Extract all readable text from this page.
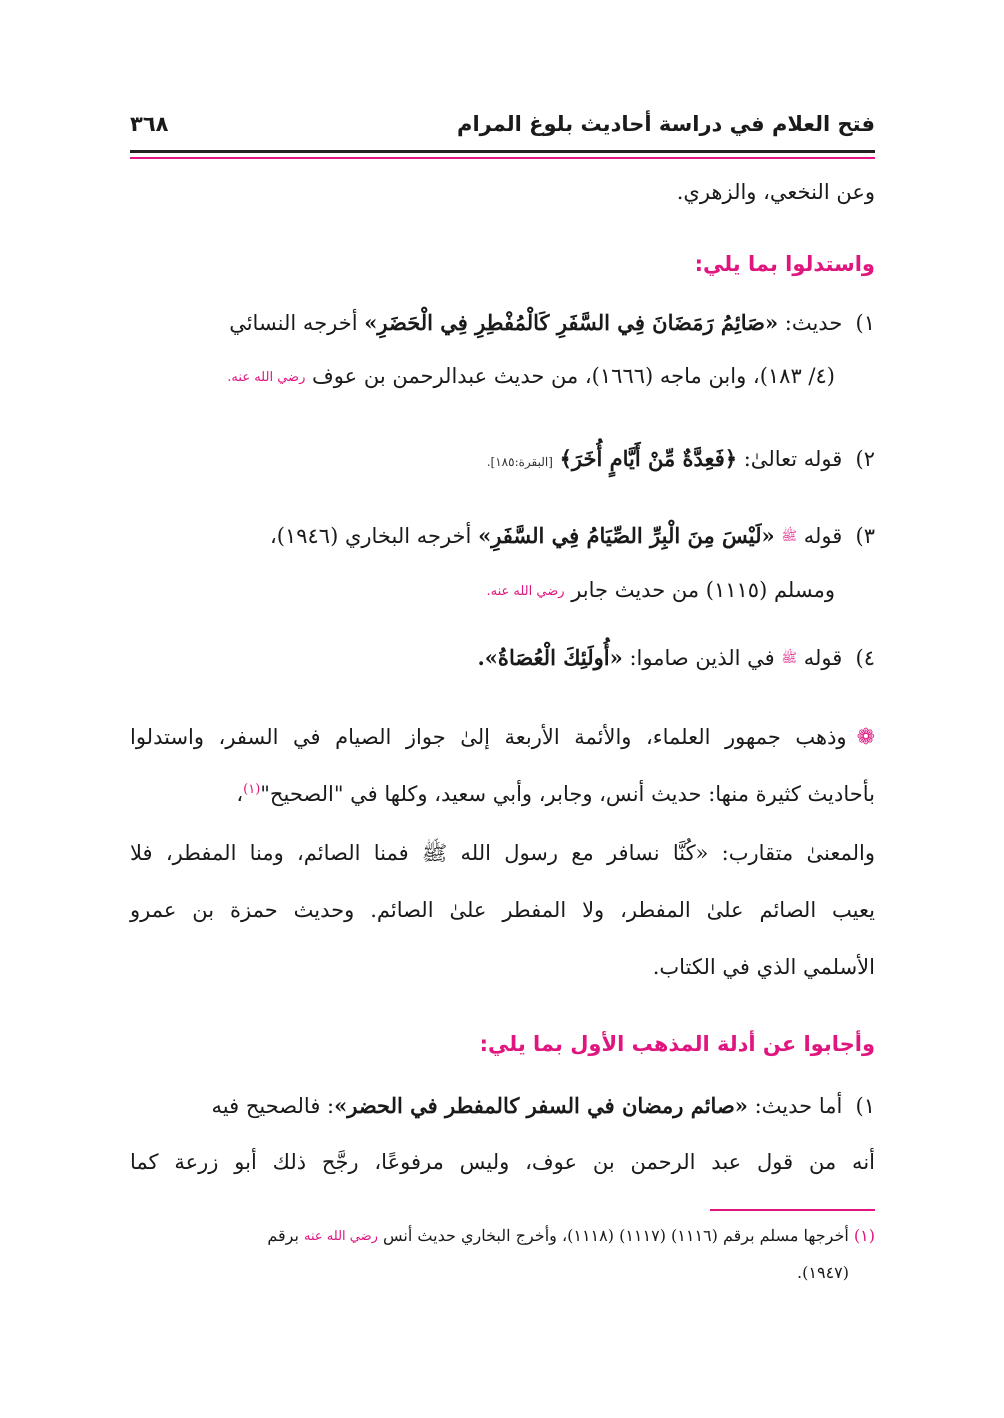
فتح العلام في دراسة أحاديث بلوغ المرام
٣٦٨
وعن النخعي، والزهري.
واستدلوا بما يلي:
١) حديث: «صَائِمُ رَمَضَانَ فِي السَّفَرِ كَالْمُفْطِرِ فِي الْحَضَرِ» أخرجه النسائي
(٤/ ١٨٣)، وابن ماجه (١٦٦٦)، من حديث عبدالرحمن بن عوف رضي الله عنه.
٢) قوله تعالىٰ: ﴿فَعِدَّةٌ مِّنْ أَيَّامٍ أُخَرَ﴾ [البقرة:١٨٥].
٣) قوله ﷺ «لَيْسَ مِنَ الْبِرِّ الصِّيَامُ فِي السَّفَرِ» أخرجه البخاري (١٩٤٦)،
ومسلم (١١١٥) من حديث جابر رضي الله عنه.
٤) قوله ﷺ في الذين صاموا: «أُولَئِكَ الْعُصَاةُ».
❁وذهب جمهور العلماء، والأئمة الأربعة إلىٰ جواز الصيام في السفر، واستدلوا
بأحاديث كثيرة منها: حديث أنس، وجابر، وأبي سعيد، وكلها في "الصحيح"$^{(١)}$،
والمعنىٰ متقارب: «كُنَّا نسافر مع رسول الله ﷺ فمنا الصائم، ومنا المفطر، فلا
يعيب الصائم علىٰ المفطر، ولا المفطر علىٰ الصائم. وحديث حمزة بن عمرو
الأسلمي الذي في الكتاب.
وأجابوا عن أدلة المذهب الأول بما يلي:
١) أما حديث: «صائم رمضان في السفر كالمفطر في الحضر»: فالصحيح فيه
أنه من قول عبد الرحمن بن عوف، وليس مرفوعًا، رجَّح ذلك أبو زرعة كما
(١) أخرجها مسلم برقم (١١١٦) (١١١٧) (١١١٨)، وأخرج البخاري حديث أنس رضي الله عنه برقم
(١٩٤٧).
